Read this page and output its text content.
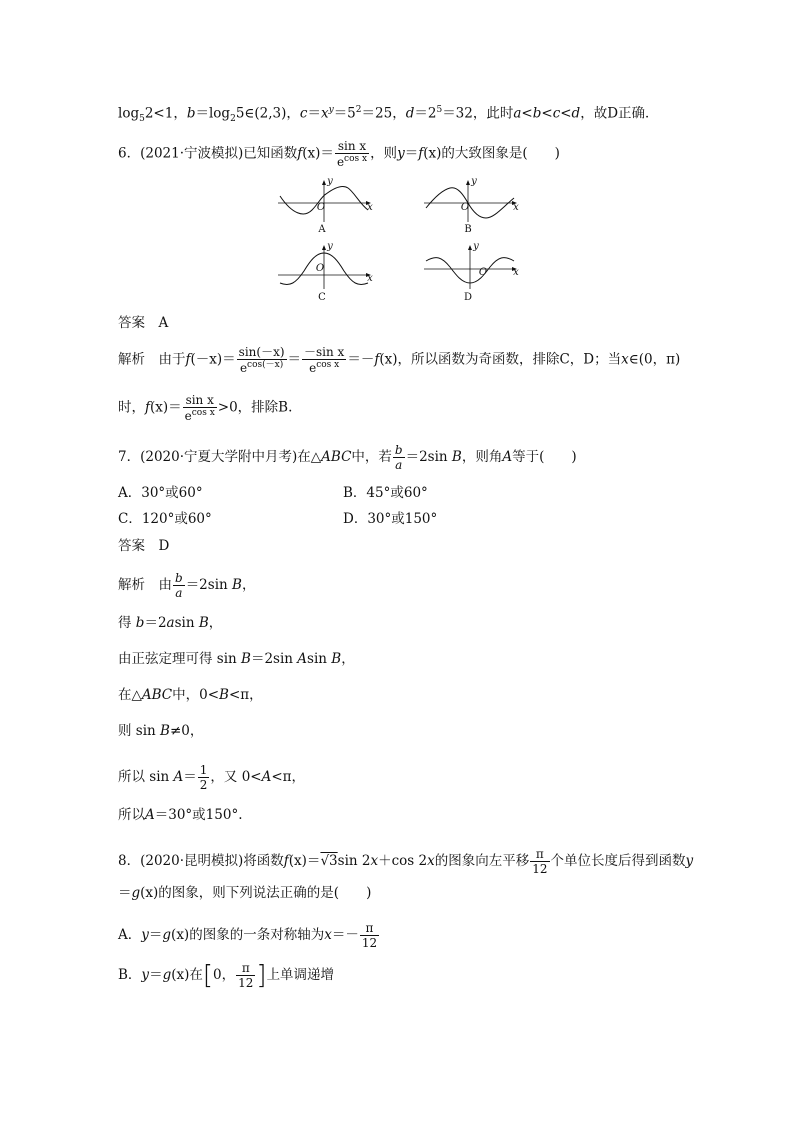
$\log_52<1$，$b=\log_25\in(2,3)$，$c=x^y=5^2=25$，$d=2^5=32$，此时a<b<c<d，故D正确．
6．(2021·宁波模拟)已知函数$f(x)= \frac{\text{sin x}}{e^{cos x}}$ ，则y＝f(x)的大致图象是(　　)
x
y
O
A
x
y
O
B
x
y
O
C
x
y
O
D
答案　A
解析　由于$f(-x)= \frac{\sin(-x)}{e^{cos(-x)}} = \frac{\text{－sin x}}{e^{cos x}} =-f(x)$，所以函数为奇函数，排除C，D；当x∈(0，π)
时，$f(x)= \frac{\text{sin x}}{e^{cos x}} >0$，排除B.
7．(2020·宁夏大学附中月考)在△ABC中，若 $\frac{b}{a} =2\sin$ B，则角A等于(　　)
A．30°或60°	B．45°或60°
C．120°或60°	D．30°或150°
答案　D
解析　由 $\frac{b}{a} =2\sin$ B，
得 b＝2asin B，
由正弦定理可得 sin B＝2sin Asin B，
在△ABC中，0<B<π，
则 sin B≠0，
所以 $\sin A= \frac{1}{2}$ ，又 0<A<π，
所以A＝30°或150°.
8．(2020·昆明模拟)将函数f(x)＝√3sin 2x＋cos 2x的图象向左平移 $\frac{\pi}{12}$ 个单位长度后得到函数y
＝g(x)的图象，则下列说法正确的是(　　)
A．y＝g(x)的图象的一条对称轴为$x=- \frac{\pi}{12}$
B．y＝g(x)在[0， $\frac{\pi}{12}$ ]上单调递增
